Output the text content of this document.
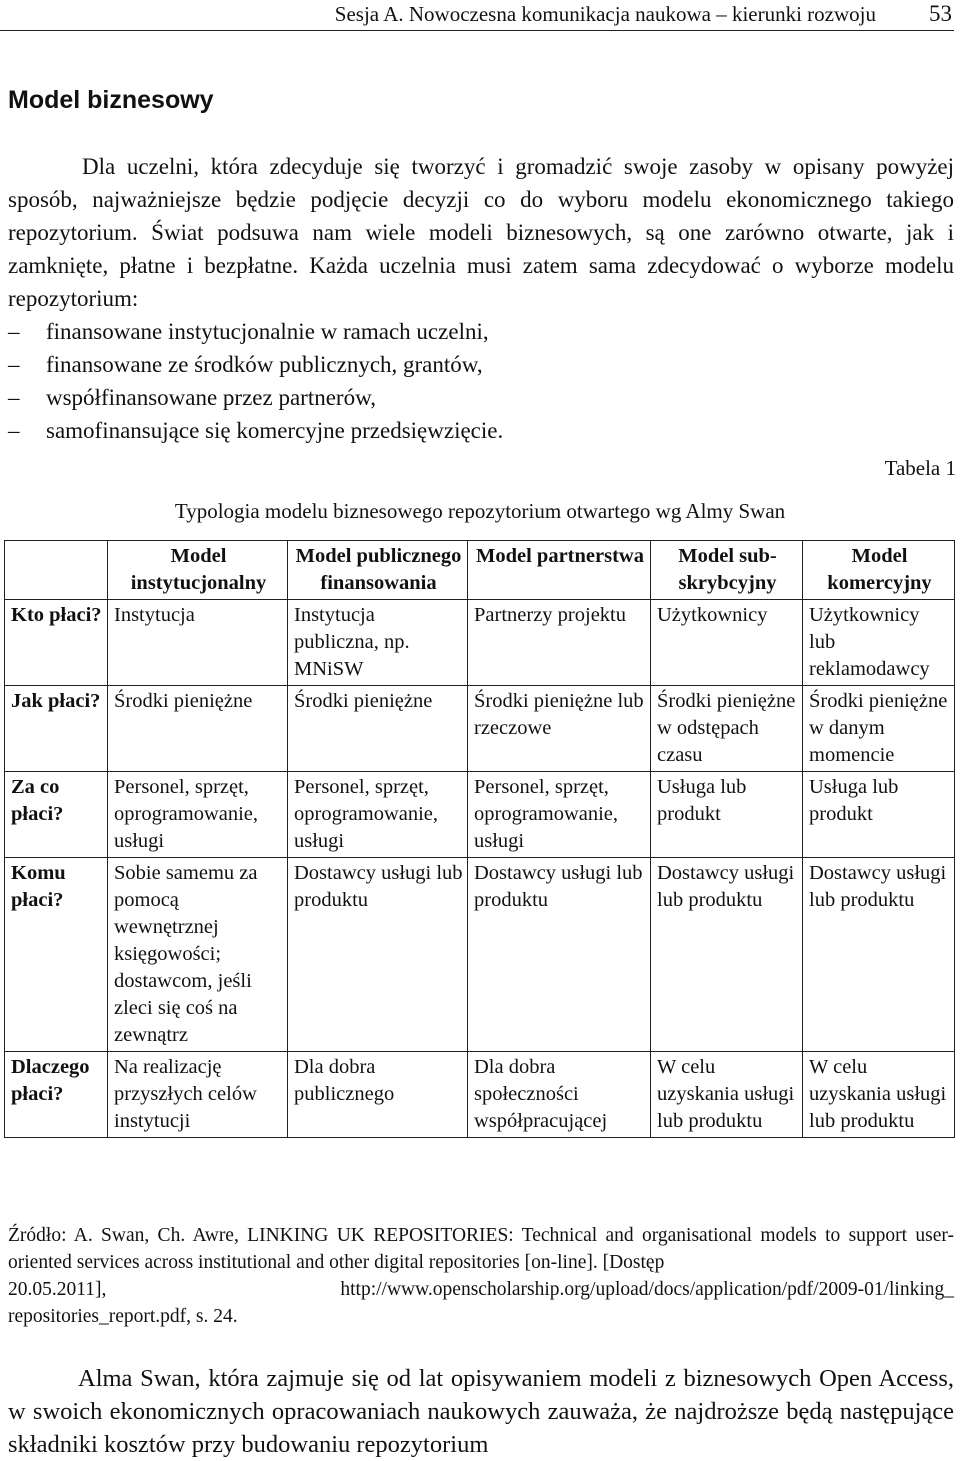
Sesja A. Nowoczesna komunikacja naukowa – kierunki rozwoju 53
Model biznesowy

Dla uczelni, która zdecyduje się tworzyć i gromadzić swoje zasoby w opisany powyżej sposób, najważniejsze będzie podjęcie decyzji co do wyboru modelu ekonomicznego takiego repozytorium. Świat podsuwa nam wiele modeli biznesowych, są one zarówno otwarte, jak i zamknięte, płatne i bezpłatne. Każda uczelnia musi zatem sama zdecydować o wyborze modelu repozytorium:

– finansowane instytucjonalnie w ramach uczelni,
– finansowane ze środków publicznych, grantów,
– współfinansowane przez partnerów,
– samofinansujące się komercyjne przedsięwzięcie.
Tabela 1
Typologia modelu biznesowego repozytorium otwartego wg Almy Swan
	Model instytucjonalny	Model publicznego finansowania	Model partnerstwa	Model sub-skrybcyjny	Model komercyjny
Kto płaci?	Instytucja	Instytucja publiczna, np. MNiSW	Partnerzy projektu	Użytkownicy	Użytkownicy lub reklamodawcy
Jak płaci?	Środki pieniężne	Środki pieniężne	Środki pieniężne lub rzeczowe	Środki pieniężne w odstępach czasu	Środki pieniężne w danym momencie
Za co płaci?	Personel, sprzęt, oprogramowanie, usługi	Personel, sprzęt, oprogramowanie, usługi	Personel, sprzęt, oprogramowanie, usługi	Usługa lub produkt	Usługa lub produkt
Komu płaci?	Sobie samemu za pomocą wewnętrznej księgowości; dostawcom, jeśli zleci się coś na zewnątrz	Dostawcy usługi lub produktu	Dostawcy usługi lub produktu	Dostawcy usługi lub produktu	Dostawcy usługi lub produktu
Dlaczego płaci?	Na realizację przyszłych celów instytucji	Dla dobra publicznego	Dla dobra społeczności współpracującej	W celu uzyskania usługi lub produktu	W celu uzyskania usługi lub produktu
Źródło: A. Swan, Ch. Awre, LINKING UK REPOSITORIES: Technical and organisational models to support user-oriented services across institutional and other digital repositories [on-line]. [Dostęp
20.05.2011],	http://www.openscholarship.org/upload/docs/application/pdf/2009-01/linking_
repositories_report.pdf, s. 24.

Alma Swan, która zajmuje się od lat opisywaniem modeli z biznesowych Open Access, w swoich ekonomicznych opracowaniach naukowych zauważa, że najdroższe będą następujące składniki kosztów przy budowaniu repozytorium
